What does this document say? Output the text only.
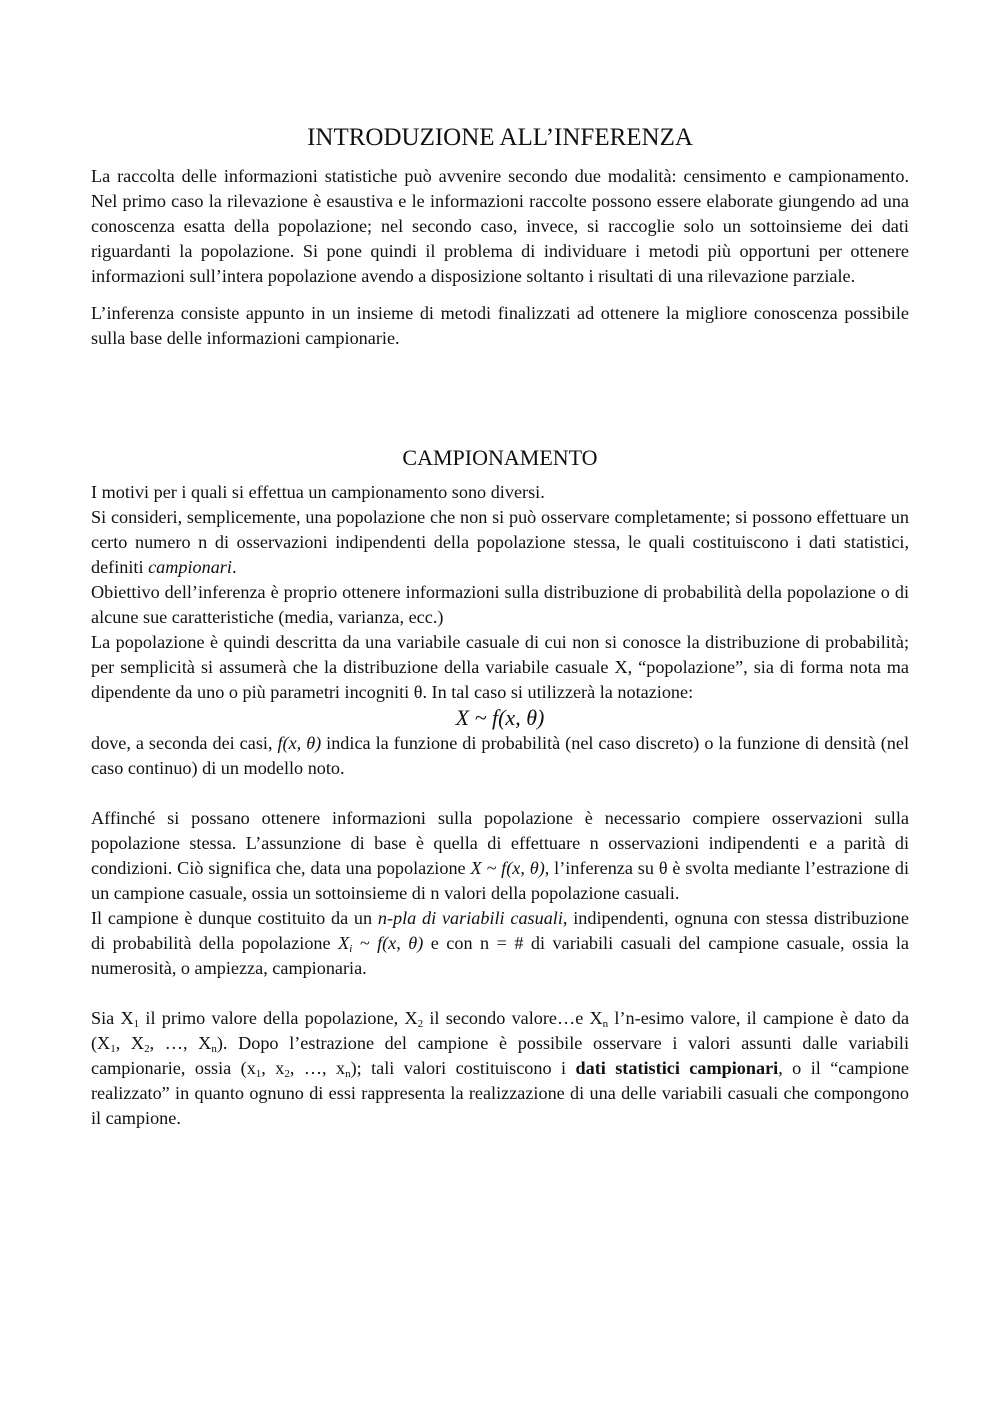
INTRODUZIONE ALL’INFERENZA

La raccolta delle informazioni statistiche può avvenire secondo due modalità: censimento e campionamento. Nel primo caso la rilevazione è esaustiva e le informazioni raccolte possono essere elaborate giungendo ad una conoscenza esatta della popolazione; nel secondo caso, invece, si raccoglie solo un sottoinsieme dei dati riguardanti la popolazione. Si pone quindi il problema di individuare i metodi più opportuni per ottenere informazioni sull’intera popolazione avendo a disposizione soltanto i risultati di una rilevazione parziale.

L’inferenza consiste appunto in un insieme di metodi finalizzati ad ottenere la migliore conoscenza possibile sulla base delle informazioni campionarie.

CAMPIONAMENTO

I motivi per i quali si effettua un campionamento sono diversi.

Si consideri, semplicemente, una popolazione che non si può osservare completamente; si possono effettuare un certo numero n di osservazioni indipendenti della popolazione stessa, le quali costituiscono i dati statistici, definiti campionari.

Obiettivo dell’inferenza è proprio ottenere informazioni sulla distribuzione di probabilità della popolazione o di alcune sue caratteristiche (media, varianza, ecc.)

La popolazione è quindi descritta da una variabile casuale di cui non si conosce la distribuzione di probabilità; per semplicità si assumerà che la distribuzione della variabile casuale X, “popolazione”, sia di forma nota ma dipendente da uno o più parametri incogniti θ. In tal caso si utilizzerà la notazione:

X ~ f(x, θ)

dove, a seconda dei casi, f(x, θ) indica la funzione di probabilità (nel caso discreto) o la funzione di densità (nel caso continuo) di un modello noto.

Affinché si possano ottenere informazioni sulla popolazione è necessario compiere osservazioni sulla popolazione stessa. L’assunzione di base è quella di effettuare n osservazioni indipendenti e a parità di condizioni. Ciò significa che, data una popolazione X ~ f(x, θ), l’inferenza su θ è svolta mediante l’estrazione di un campione casuale, ossia un sottoinsieme di n valori della popolazione casuali.

Il campione è dunque costituito da un n-pla di variabili casuali, indipendenti, ognuna con stessa distribuzione di probabilità della popolazione $X_i$ ~ f(x, θ) e con n = # di variabili casuali del campione casuale, ossia la numerosità, o ampiezza, campionaria.

Sia $X_1$ il primo valore della popolazione, $X_2$ il secondo valore…e $X_n$ l’n-esimo valore, il campione è dato da ($X_1$, $X_2$, …, $X_n$). Dopo l’estrazione del campione è possibile osservare i valori assunti dalle variabili campionarie, ossia ($x_1$, $x_2$, …, $x_n$); tali valori costituiscono i dati statistici campionari, o il “campione realizzato” in quanto ognuno di essi rappresenta la realizzazione di una delle variabili casuali che compongono il campione.
